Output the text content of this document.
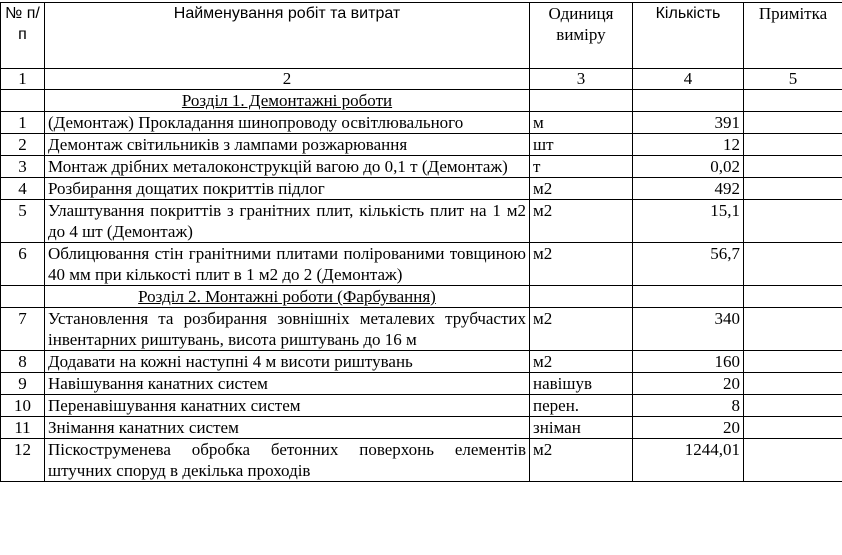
№ п/п	Найменування робіт та витрат	Одиниця виміру	Кількість	Примітка
1	2	3	4	5
	Розділ 1. Демонтажні роботи			
1	(Демонтаж) Прокладання шинопроводу освітлювального	м	391	
2	Демонтаж світильників з лампами розжарювання	шт	12	
3	Монтаж дрібних металоконструкцій вагою до 0,1 т (Демонтаж)	т	0,02	
4	Розбирання дощатих покриттів підлог	м2	492	
5	Улаштування покриттів з гранітних плит, кількість плит на 1 м2 до 4 шт (Демонтаж)	м2	15,1	
6	Облицювання стін гранітними плитами полірованими товщиною 40 мм при кількості плит в 1 м2 до 2 (Демонтаж)	м2	56,7	
	Розділ 2. Монтажні роботи (Фарбування)			
7	Установлення та розбирання зовнішніх металевих трубчастих інвентарних риштувань, висота риштувань до 16 м	м2	340	
8	Додавати на кожні наступні 4 м висоти риштувань	м2	160	
9	Навішування канатних систем	навішув	20	
10	Перенавішування канатних систем	перен.	8	
11	Знімання канатних систем	зніман	20	
12	Піскоструменева обробка бетонних поверхонь елементів штучних споруд в декілька проходів	м2	1244,01	
